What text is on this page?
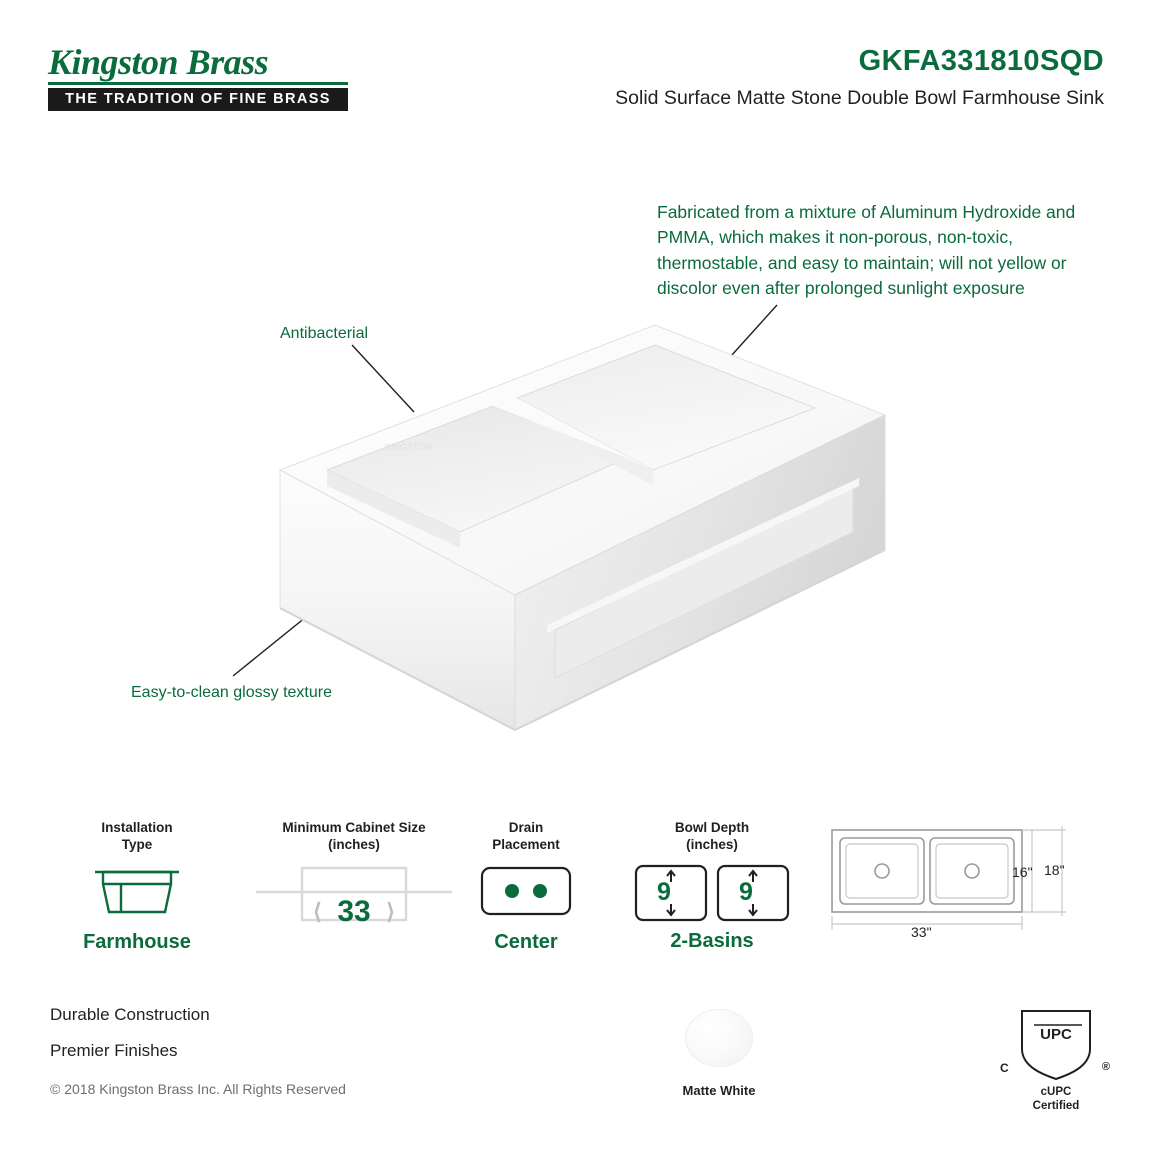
Kingston Brass
THE TRADITION OF FINE BRASS
GKFA331810SQD
Solid Surface Matte Stone Double Bowl Farmhouse Sink
Fabricated from a mixture of Aluminum Hydroxide and PMMA, which makes it non-porous, non-toxic, thermostable, and easy to maintain; will not yellow or discolor even after prolonged sunlight exposure
Antibacterial
Easy-to-clean glossy texture
KINGSTON
Installation
Type
Farmhouse
Minimum Cabinet Size
(inches)
⟨ 33 ⟩
Drain
Placement
Center
Bowl Depth
(inches)
9	9
2-Basins
16" 18"
33"
Durable Construction
Premier Finishes
© 2018 Kingston Brass Inc. All Rights Reserved	Matte White
UPC
C	®
cUPC
Certified
